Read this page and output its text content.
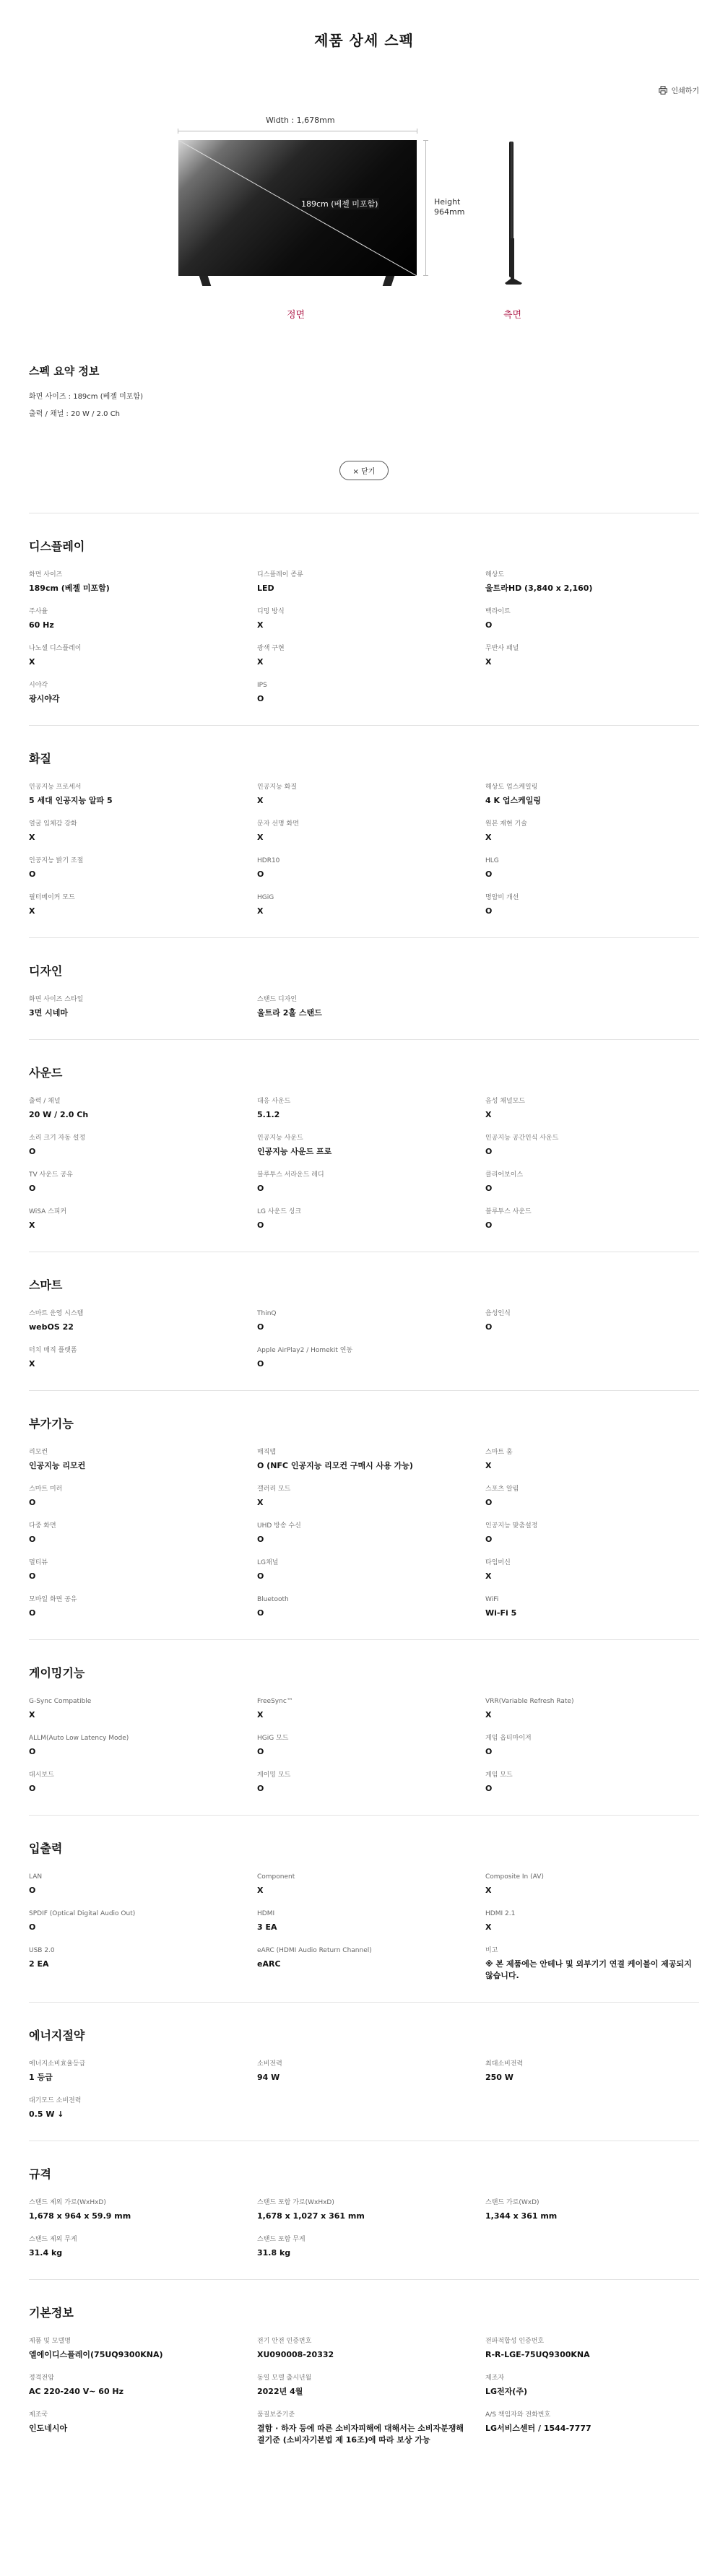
제품 상세 스펙
인쇄하기
Width : 1,678mm
189cm (베젤 미포함)	Height
964mm
정면	측면
스펙 요약 정보
화면 사이즈 : 189cm (베젤 미포함)
출력 / 채널 : 20 W / 2.0 Ch
× 닫기
디스플레이
화면 사이즈
189cm (베젤 미포함)
디스플레이 종류
LED
해상도
울트라HD (3,840 x 2,160)
주사율
60 Hz
디밍 방식
X
백라이트
O
나노셀 디스플레이
X
광색 구현
X
무반사 패널
X
시야각
광시야각
IPS
O
화질
인공지능 프로세서
5 세대 인공지능 알파 5
인공지능 화질
X
해상도 업스케일링
4 K 업스케일링
얼굴 입체감 강화
X
문자 선명 화면
X
원본 재현 기술
X
인공지능 밝기 조절
O
HDR10
O
HLG
O
필터메이커 모드
X
HGiG
X
명암비 개선
O
디자인
화면 사이즈 스타일
3면 시네마
스탠드 디자인
울트라 2홀 스탠드
사운드
출력 / 채널
20 W / 2.0 Ch
대응 사운드
5.1.2
음성 채널모드
X
소리 크기 자동 설정
O
인공지능 사운드
인공지능 사운드 프로
인공지능 공간인식 사운드
O
TV 사운드 공유
O
블루투스 서라운드 레디
O
클리어보이스
O
WiSA 스피커
X
LG 사운드 싱크
O
블루투스 사운드
O
스마트
스마트 운영 시스템
webOS 22
ThinQ
O
음성인식
O
터치 매직 플랫폼
X
Apple AirPlay2 / Homekit 연동
O
부가기능
리모컨
인공지능 리모컨
매직탭
O (NFC 인공지능 리모컨 구매시 사용 가능)
스마트 홈
X
스마트 미러
O
갤러리 모드
X
스포츠 알림
O
다중 화면
O
UHD 방송 수신
O
인공지능 맞춤설정
O
멀티뷰
O
LG채널
O
타임머신
X
모바일 화면 공유
O
Bluetooth
O
WiFi
Wi-Fi 5
게이밍기능
G-Sync Compatible
X
FreeSync™
X
VRR(Variable Refresh Rate)
X
ALLM(Auto Low Latency Mode)
O
HGiG 모드
O
게임 옵티마이저
O
대시보드
O
게이밍 모드
O
게임 모드
O
입출력
LAN
O
Component
X
Composite In (AV)
X
SPDIF (Optical Digital Audio Out)
O
HDMI
3 EA
HDMI 2.1
X
USB 2.0
2 EA
eARC (HDMI Audio Return Channel)
eARC
비고
※ 본 제품에는 안테나 및 외부기기 연결 케이블이 제공되지 않습니다.
에너지절약
에너지소비효율등급
1 등급
소비전력
94 W
최대소비전력
250 W
대기모드 소비전력
0.5 W ↓
규격
스탠드 제외 가로(WxHxD)
1,678 x 964 x 59.9 mm
스탠드 포함 가로(WxHxD)
1,678 x 1,027 x 361 mm
스탠드 가로(WxD)
1,344 x 361 mm
스탠드 제외 무게
31.4 kg
스탠드 포함 무게
31.8 kg
기본정보
제품 및 모델명
엘에이디스플레이(75UQ9300KNA)
전기 안전 인증번호
XU090008-20332
전파적합성 인증번호
R-R-LGE-75UQ9300KNA
정격전압
AC 220-240 V~ 60 Hz
동일 모델 출시년월
2022년 4월
제조자
LG전자(주)
제조국
인도네시아
품질보증기준
결함 · 하자 등에 따른 소비자피해에 대해서는 소비자분쟁해결기준 (소비자기본법 제 16조)에 따라 보상 가능
A/S 책임자와 전화번호
LG서비스센터 / 1544-7777
